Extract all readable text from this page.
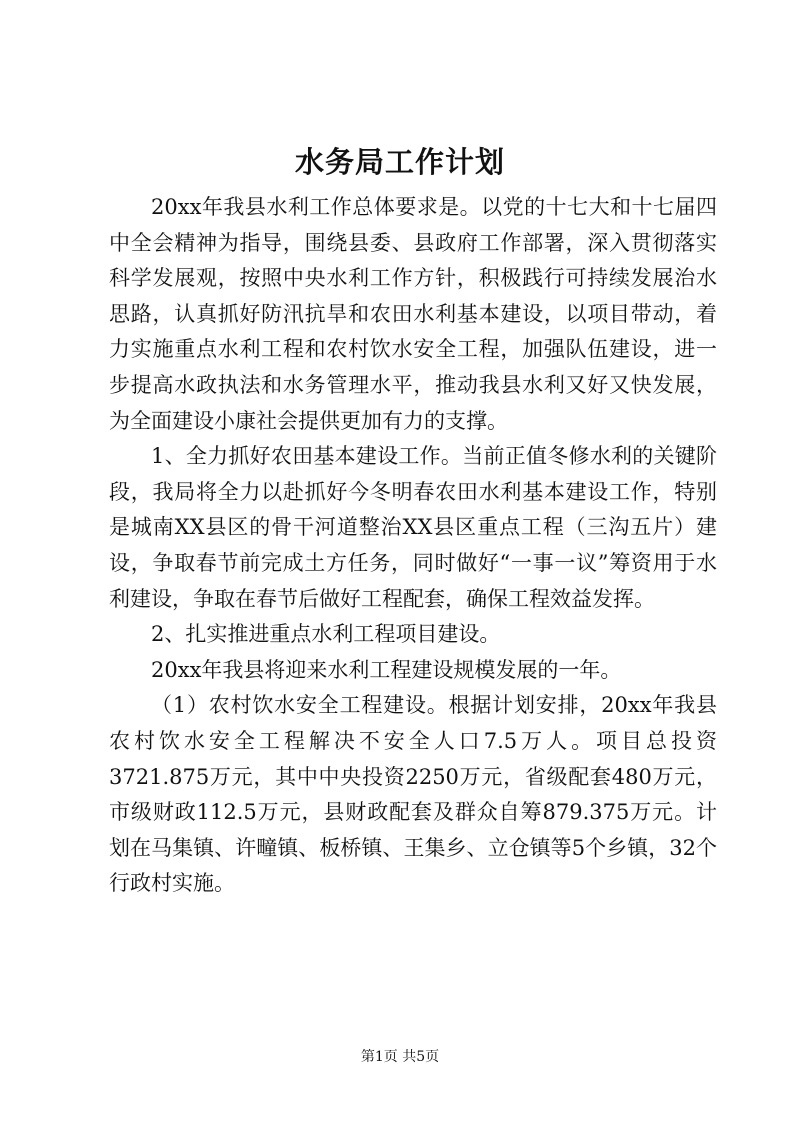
水务局工作计划

20xx年我县水利工作总体要求是。以党的十七大和十七届四中全会精神为指导，围绕县委、县政府工作部署，深入贯彻落实科学发展观，按照中央水利工作方针，积极践行可持续发展治水思路，认真抓好防汛抗旱和农田水利基本建设，以项目带动，着力实施重点水利工程和农村饮水安全工程，加强队伍建设，进一步提高水政执法和水务管理水平，推动我县水利又好又快发展，为全面建设小康社会提供更加有力的支撑。

1、全力抓好农田基本建设工作。当前正值冬修水利的关键阶段，我局将全力以赴抓好今冬明春农田水利基本建设工作，特别是城南XX县区的骨干河道整治XX县区重点工程（三沟五片）建设，争取春节前完成土方任务，同时做好“一事一议”筹资用于水利建设，争取在春节后做好工程配套，确保工程效益发挥。

2、扎实推进重点水利工程项目建设。

20xx年我县将迎来水利工程建设规模发展的一年。

（1）农村饮水安全工程建设。根据计划安排，20xx年我县农村饮水安全工程解决不安全人口7.5万人。项目总投资3721.875万元，其中中央投资2250万元，省级配套480万元，市级财政112.5万元，县财政配套及群众自筹879.375万元。计划在马集镇、许疃镇、板桥镇、王集乡、立仓镇等5个乡镇，32个行政村实施。

第1页 共5页
